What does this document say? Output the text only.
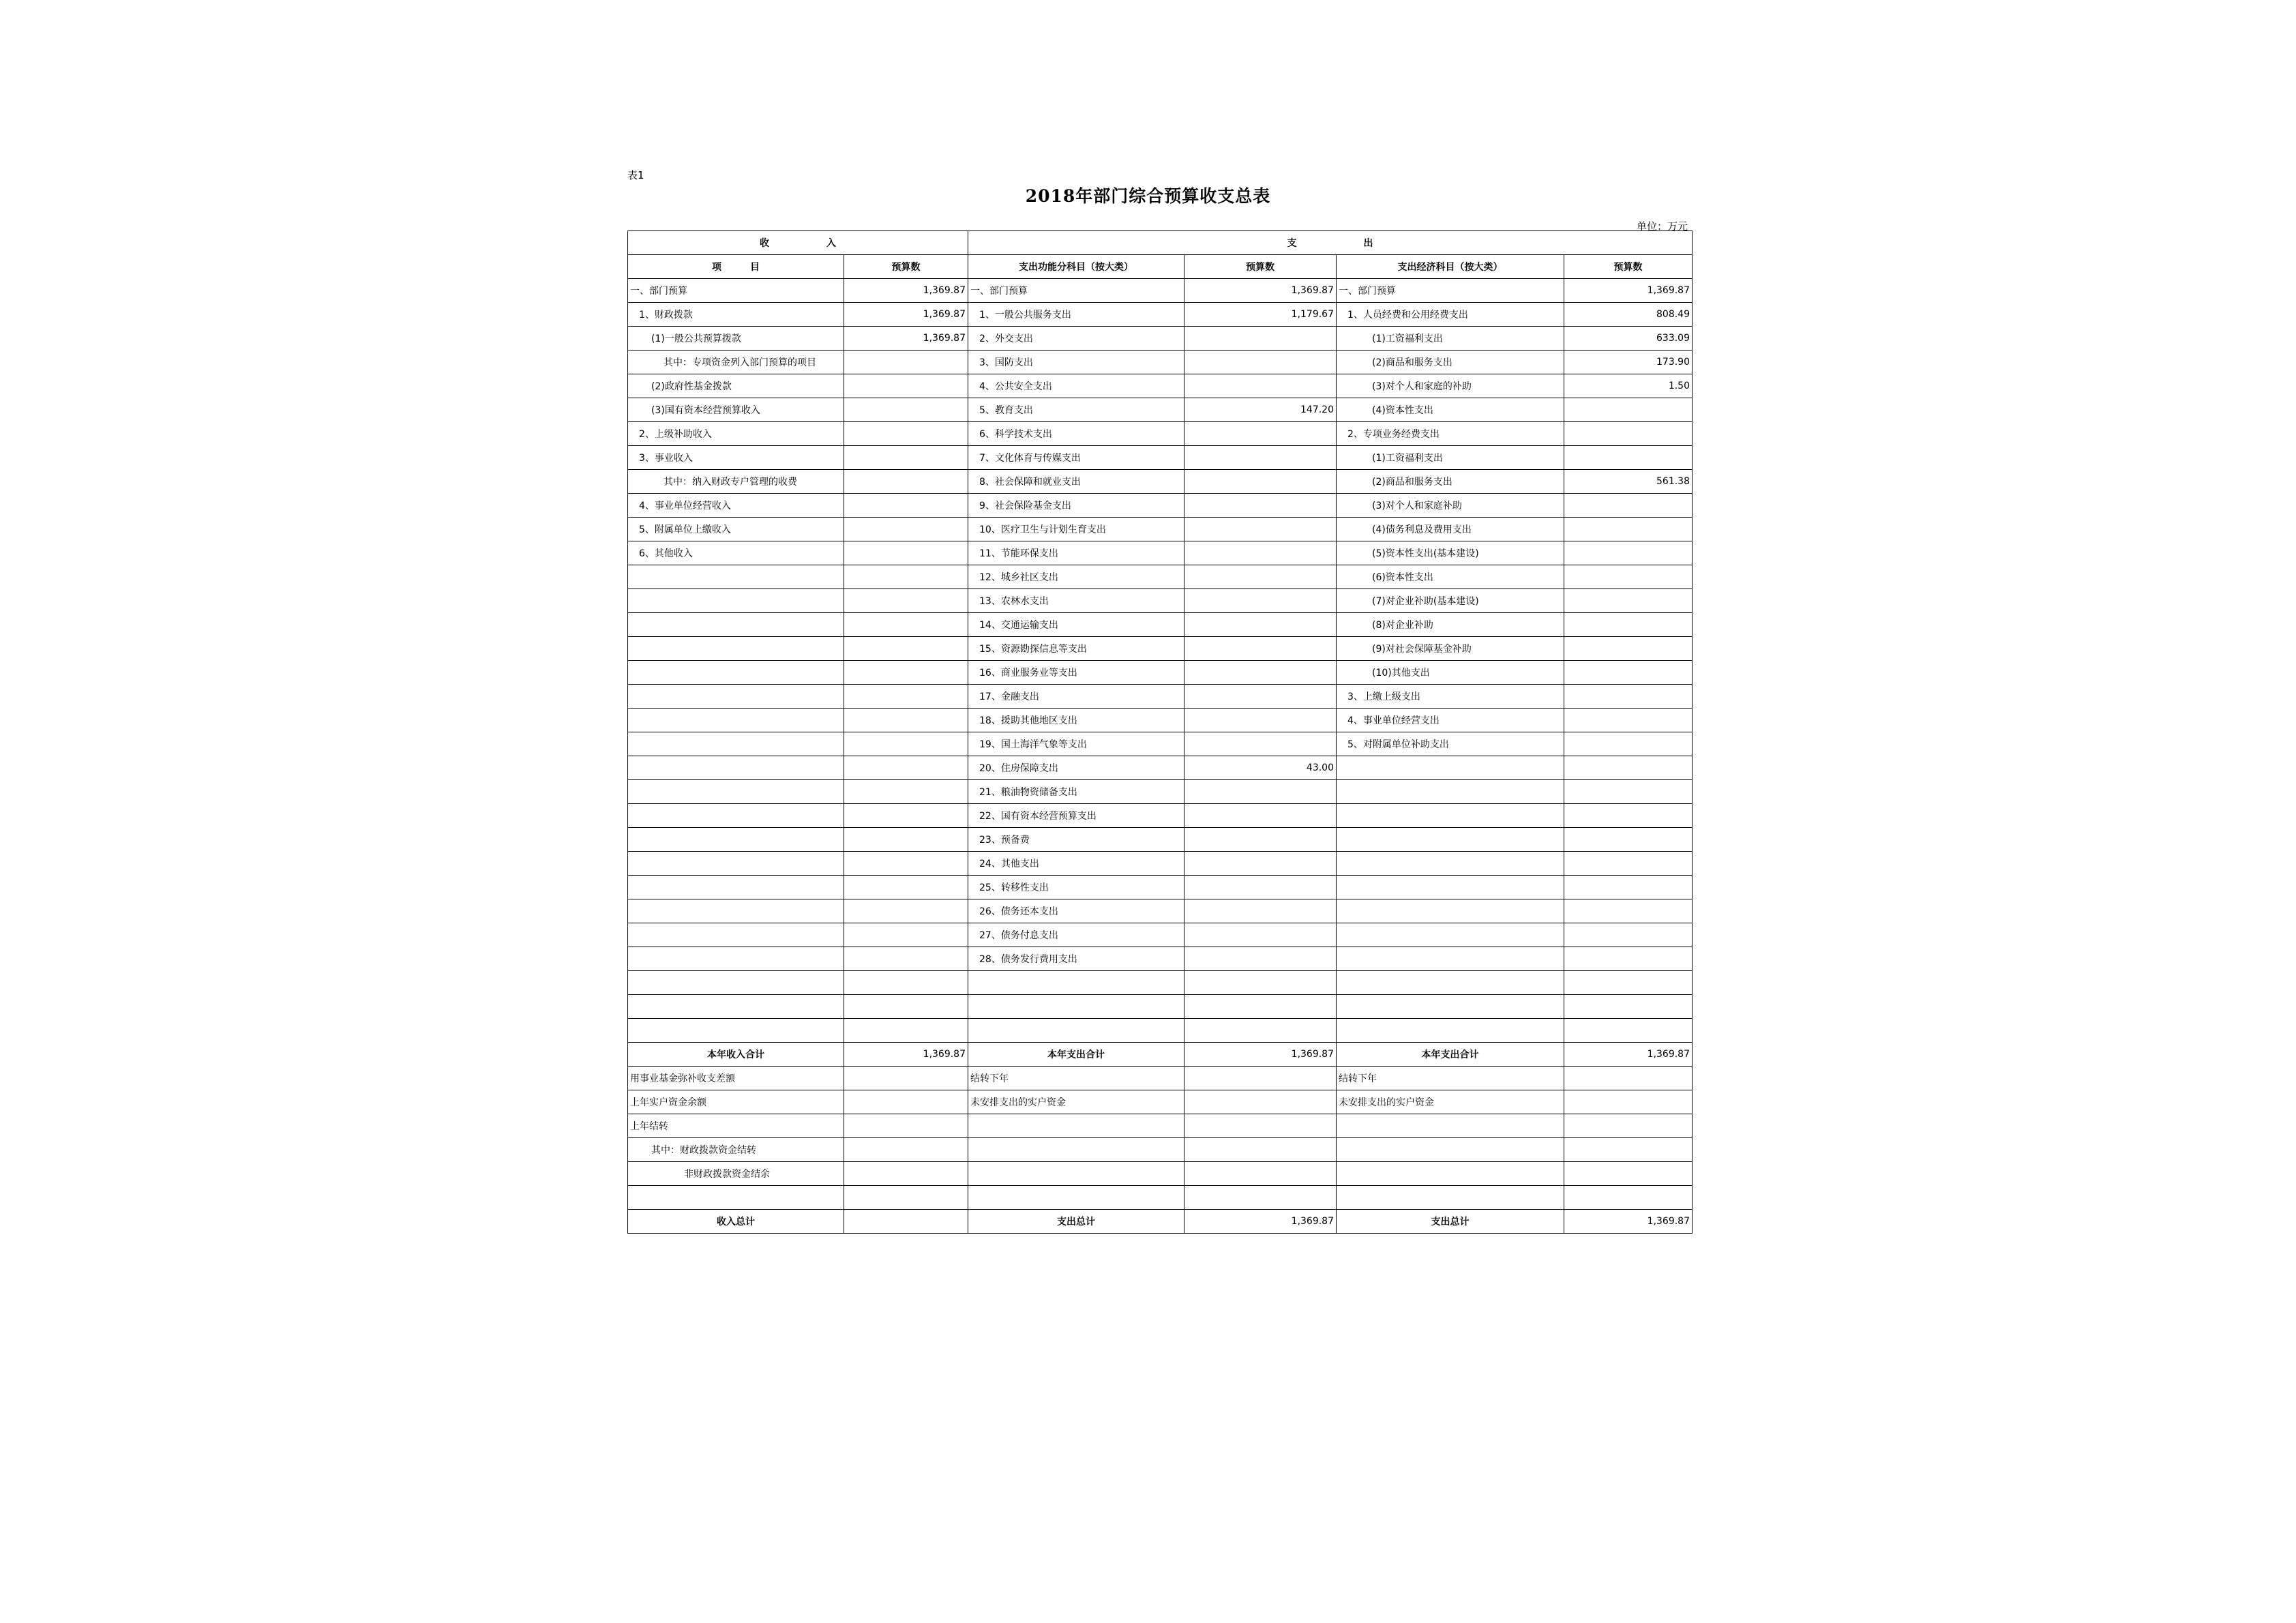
表1
2018年部门综合预算收支总表
单位：万元
收　　　　　　入		支　　　　　　　出			
项　　　目	预算数	支出功能分科目（按大类）	预算数	支出经济科目（按大类）	预算数
一、部门预算	1,369.87	一、部门预算	1,369.87	一、部门预算	1,369.87
1、财政拨款	1,369.87	1、一般公共服务支出	1,179.67	1、人员经费和公用经费支出	808.49
(1)一般公共预算拨款	1,369.87	2、外交支出		(1)工资福利支出	633.09
其中：专项资金列入部门预算的项目		3、国防支出		(2)商品和服务支出	173.90
(2)政府性基金拨款		4、公共安全支出		(3)对个人和家庭的补助	1.50
(3)国有资本经营预算收入		5、教育支出	147.20	(4)资本性支出	
2、上级补助收入		6、科学技术支出		2、专项业务经费支出	
3、事业收入		7、文化体育与传媒支出		(1)工资福利支出	
其中：纳入财政专户管理的收费		8、社会保障和就业支出		(2)商品和服务支出	561.38
4、事业单位经营收入		9、社会保险基金支出		(3)对个人和家庭补助	
5、附属单位上缴收入		10、医疗卫生与计划生育支出		(4)债务利息及费用支出	
6、其他收入		11、节能环保支出		(5)资本性支出(基本建设)	
		12、城乡社区支出		(6)资本性支出	
		13、农林水支出		(7)对企业补助(基本建设)	
		14、交通运输支出		(8)对企业补助	
		15、资源勘探信息等支出		(9)对社会保障基金补助	
		16、商业服务业等支出		(10)其他支出	
		17、金融支出		3、上缴上级支出	
		18、援助其他地区支出		4、事业单位经营支出	
		19、国土海洋气象等支出		5、对附属单位补助支出	
		20、住房保障支出	43.00		
		21、粮油物资储备支出			
		22、国有资本经营预算支出			
		23、预备费			
		24、其他支出			
		25、转移性支出			
		26、债务还本支出			
		27、债务付息支出			
		28、债务发行费用支出			

本年收入合计	1,369.87	本年支出合计	1,369.87	本年支出合计	1,369.87
用事业基金弥补收支差额		结转下年		结转下年	
上年实户资金余额		未安排支出的实户资金		未安排支出的实户资金	
上年结转					
其中：财政拨款资金结转					
非财政拨款资金结余					

收入总计		支出总计	1,369.87	支出总计	1,369.87
